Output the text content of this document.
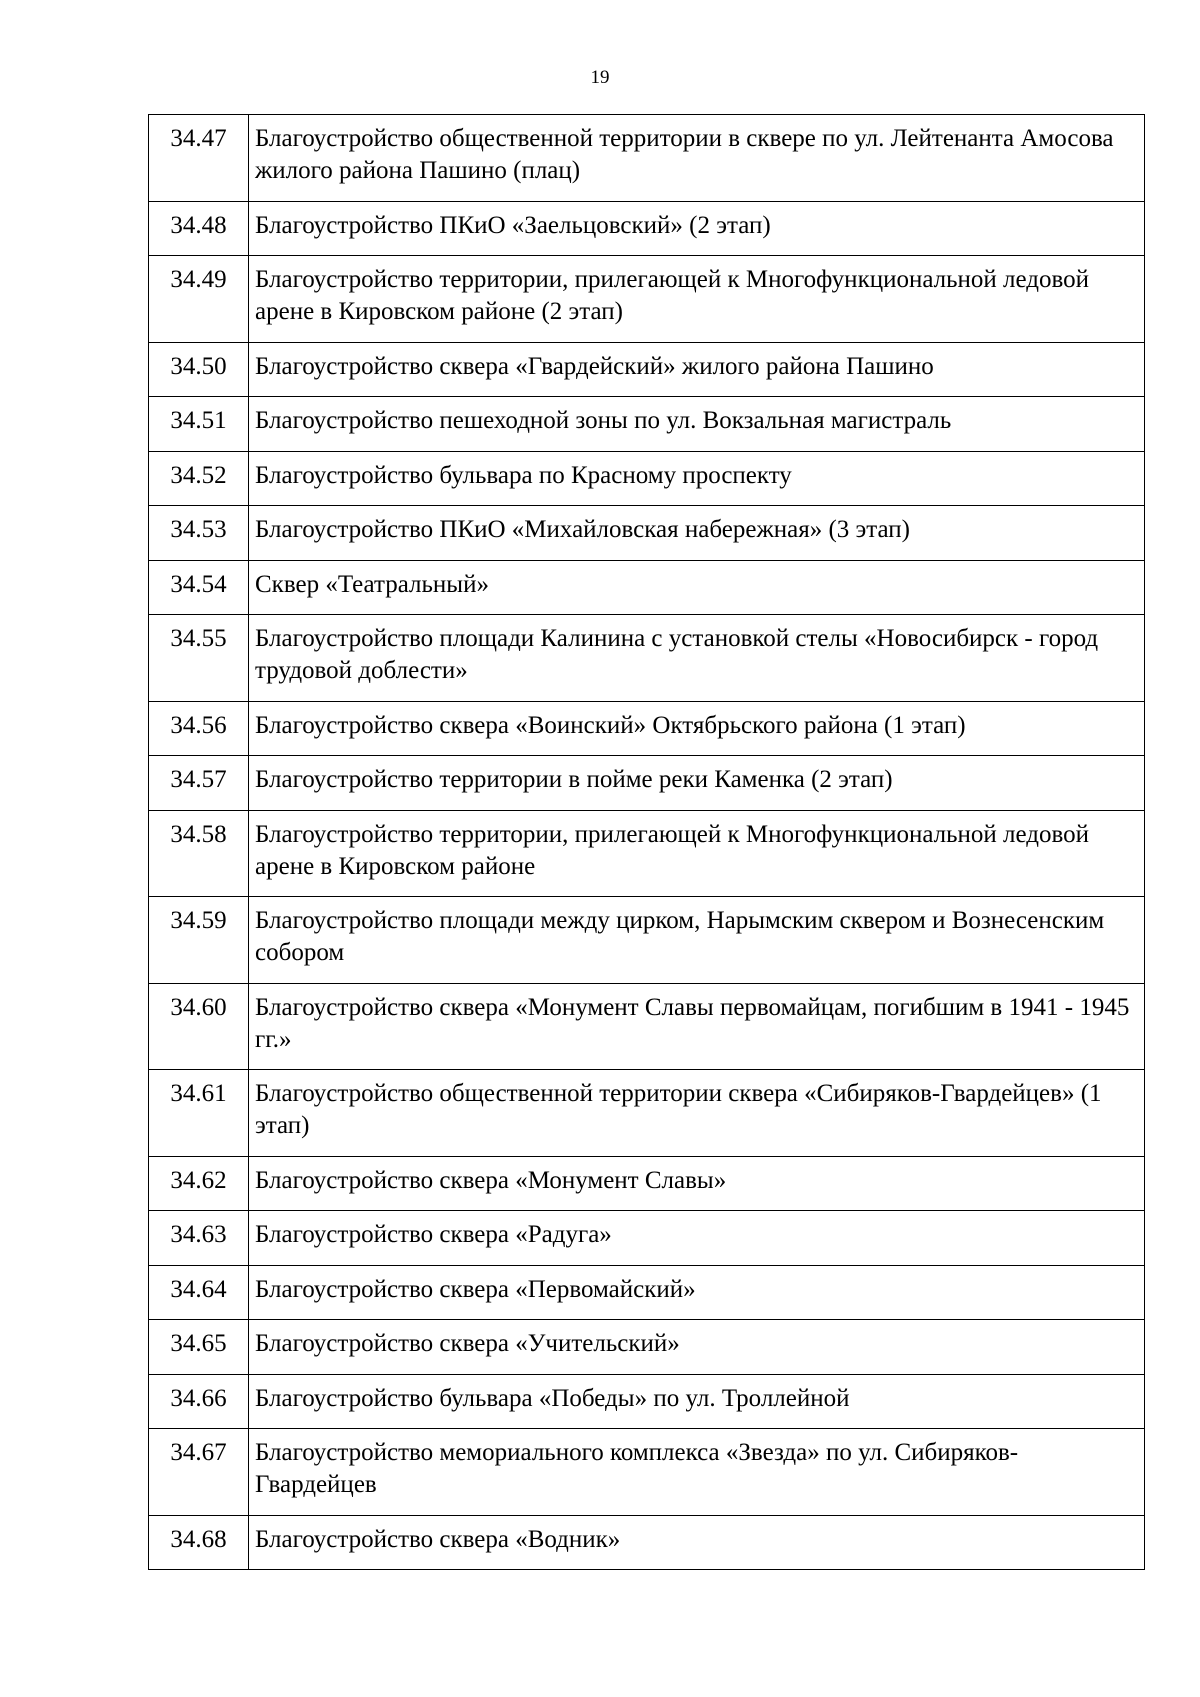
19
34.47	Благоустройство общественной территории в сквере по ул. Лейтенанта Амосова жилого района Пашино (плац)
34.48	Благоустройство ПКиО «Заельцовский» (2 этап)
34.49	Благоустройство территории, прилегающей к Многофункциональной ледовой арене в Кировском районе (2 этап)
34.50	Благоустройство сквера «Гвардейский» жилого района Пашино
34.51	Благоустройство пешеходной зоны по ул. Вокзальная магистраль
34.52	Благоустройство бульвара по Красному проспекту
34.53	Благоустройство ПКиО «Михайловская набережная» (3 этап)
34.54	Сквер «Театральный»
34.55	Благоустройство площади Калинина с установкой стелы «Новосибирск - город трудовой доблести»
34.56	Благоустройство сквера «Воинский» Октябрьского района (1 этап)
34.57	Благоустройство территории в пойме реки Каменка (2 этап)
34.58	Благоустройство территории, прилегающей к Многофункциональной ледовой арене в Кировском районе
34.59	Благоустройство площади между цирком, Нарымским сквером и Вознесенским собором
34.60	Благоустройство сквера «Монумент Славы первомайцам, погибшим в 1941 - 1945 гг.»
34.61	Благоустройство общественной территории сквера «Сибиряков-Гвардейцев» (1 этап)
34.62	Благоустройство сквера «Монумент Славы»
34.63	Благоустройство сквера «Радуга»
34.64	Благоустройство сквера «Первомайский»
34.65	Благоустройство сквера «Учительский»
34.66	Благоустройство бульвара «Победы» по ул. Троллейной
34.67	Благоустройство мемориального комплекса «Звезда» по ул. Сибиряков-Гвардейцев
34.68	Благоустройство сквера «Водник»
